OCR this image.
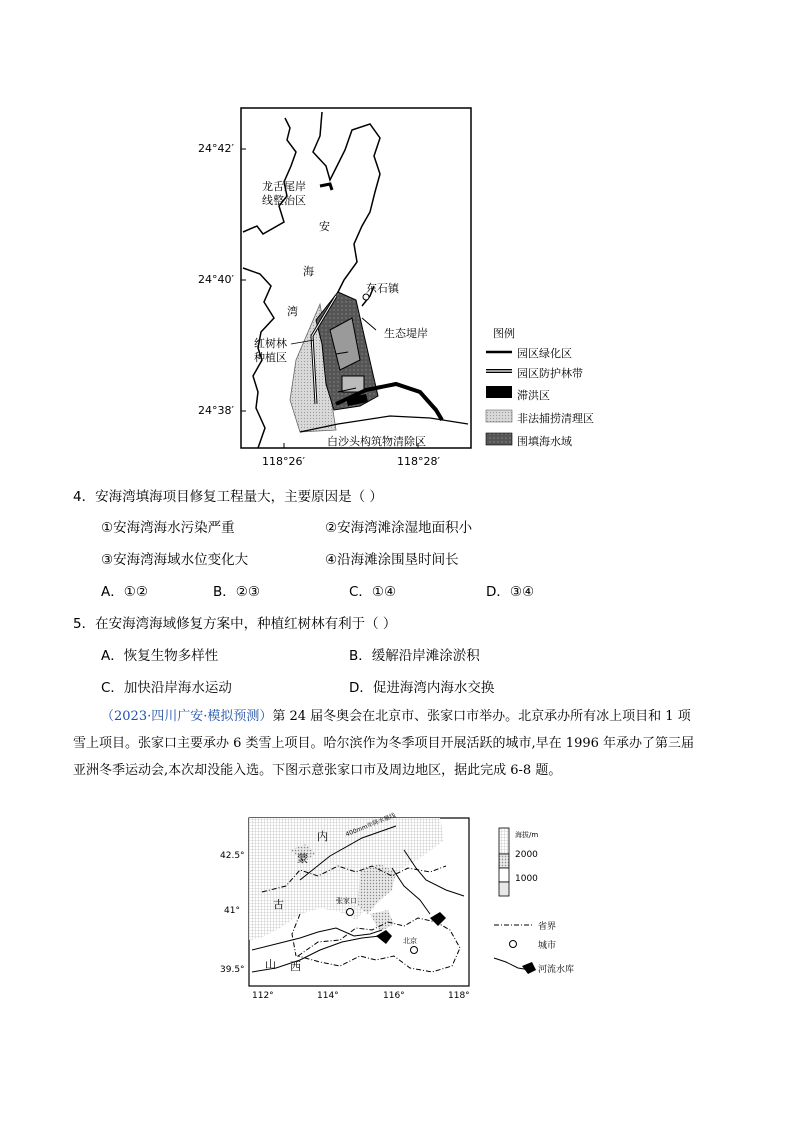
24°42′
24°40′
24°38′
118°26′	118°28′
龙舌尾岸
线整治区
安
海
湾
东石镇
生态堤岸
红树林
种植区
白沙头构筑物清除区
图例
园区绿化区
园区防护林带
滞洪区
非法捕捞清理区
围填海水域
4．安海湾填海项目修复工程量大，主要原因是（ ）
①安海湾海水污染严重	②安海湾滩涂湿地面积小
③安海湾海域水位变化大	④沿海滩涂围垦时间长
A．①②	B．②③	C．①④	D．③④
5．在安海湾海域修复方案中，种植红树林有利于（ ）
A．恢复生物多样性	B．缓解沿岸滩涂淤积
C．加快沿岸海水运动	D．促进海湾内海水交换
（2023·四川广安·模拟预测）第 24 届冬奥会在北京市、张家口市举办。北京承办所有冰上项目和 1 项
雪上项目。张家口主要承办 6 类雪上项目。哈尔滨作为冬季项目开展活跃的城市,早在 1996 年承办了第三届
亚洲冬季运动会,本次却没能入选。下图示意张家口市及周边地区，据此完成 6-8 题。
42.5°
41°
39.5°
112°	114°	116°	118°
内
蒙
古
山 西
张家口
北京
400mm年降水量线	海拔/m
2000
1000
省界
城市
河流水库
